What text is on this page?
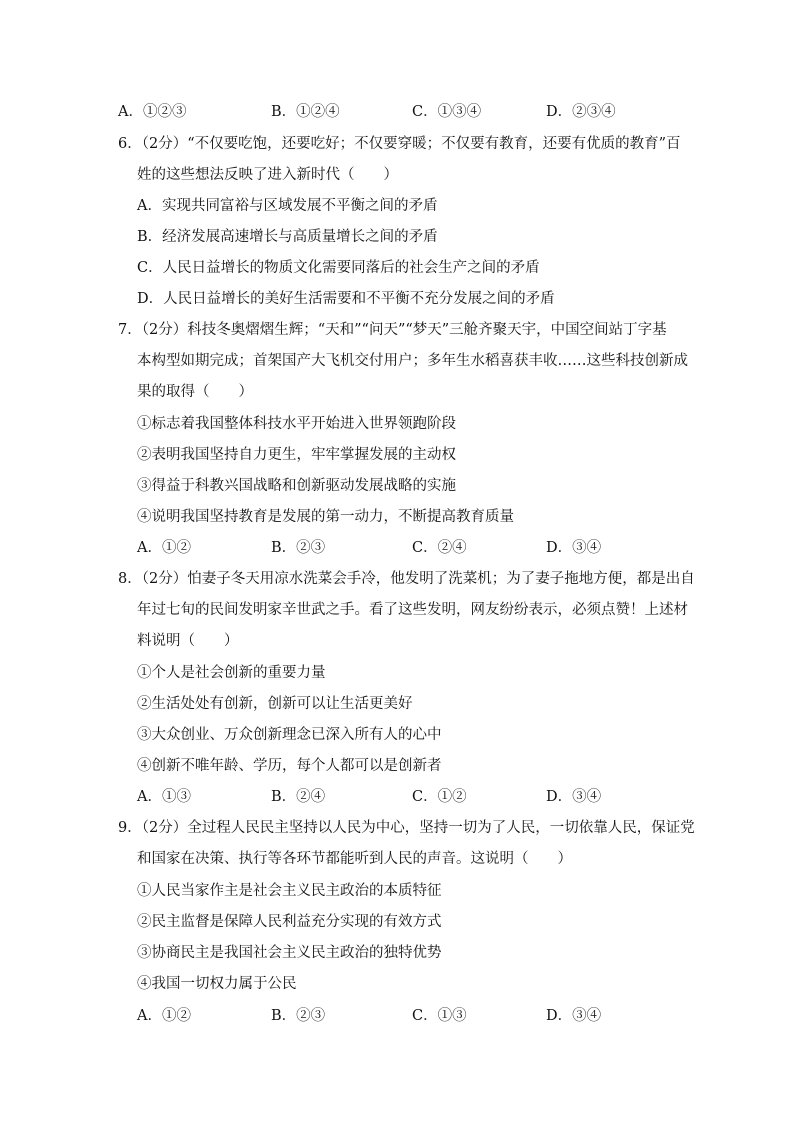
A．①②③	B．①②④	C．①③④	D．②③④
6．（2分）“不仅要吃饱，还要吃好；不仅要穿暖；不仅要有教育，还要有优质的教育”百
姓的这些想法反映了进入新时代（　　）
A．实现共同富裕与区域发展不平衡之间的矛盾
B．经济发展高速增长与高质量增长之间的矛盾
C．人民日益增长的物质文化需要同落后的社会生产之间的矛盾
D．人民日益增长的美好生活需要和不平衡不充分发展之间的矛盾
7．（2分）科技冬奥熠熠生辉；“天和”“问天”“梦天”三舱齐聚天宇，中国空间站丁字基
本构型如期完成；首架国产大飞机交付用户；多年生水稻喜获丰收……这些科技创新成
果的取得（　　）
①标志着我国整体科技水平开始进入世界领跑阶段
②表明我国坚持自力更生，牢牢掌握发展的主动权
③得益于科教兴国战略和创新驱动发展战略的实施
④说明我国坚持教育是发展的第一动力，不断提高教育质量
A．①②	B．②③	C．②④	D．③④
8．（2分）怕妻子冬天用凉水洗菜会手冷，他发明了洗菜机；为了妻子拖地方便，都是出自
年过七旬的民间发明家辛世武之手。看了这些发明，网友纷纷表示，必须点赞！上述材
料说明（　　）
①个人是社会创新的重要力量
②生活处处有创新，创新可以让生活更美好
③大众创业、万众创新理念已深入所有人的心中
④创新不唯年龄、学历，每个人都可以是创新者
A．①③	B．②④	C．①②	D．③④
9．（2分）全过程人民民主坚持以人民为中心，坚持一切为了人民，一切依靠人民，保证党
和国家在决策、执行等各环节都能听到人民的声音。这说明（　　）
①人民当家作主是社会主义民主政治的本质特征
②民主监督是保障人民利益充分实现的有效方式
③协商民主是我国社会主义民主政治的独特优势
④我国一切权力属于公民
A．①②	B．②③	C．①③	D．③④
